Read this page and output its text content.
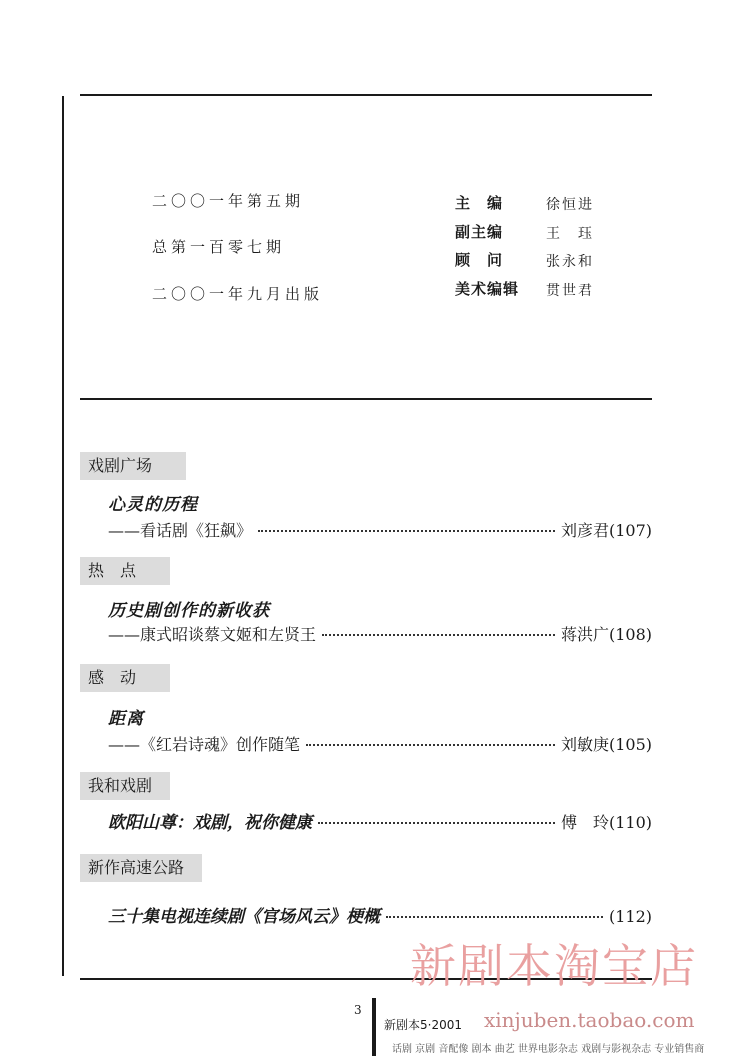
二〇〇一年第五期
总第一百零七期
二〇〇一年九月出版
主　编	徐恒进
副主编	王　珏
顾　问	张永和
美术编辑 贯世君
戏剧广场
心灵的历程
——看话剧《狂飙》	刘彦君(107)
热　点
历史剧创作的新收获
——康式昭谈蔡文姬和左贤王	蒋洪广(108)
感　动
距离
——《红岩诗魂》创作随笔	刘敏庚(105)
我和戏剧
欧阳山尊：戏剧，祝你健康	傅　玲(110)
新作高速公路
三十集电视连续剧《官场风云》梗概	(112)
新剧本淘宝店
3
新剧本5·2001 xinjuben.taobao.com
话剧 京剧 音配像 剧本 曲艺 世界电影杂志 戏剧与影视杂志 专业销售商
